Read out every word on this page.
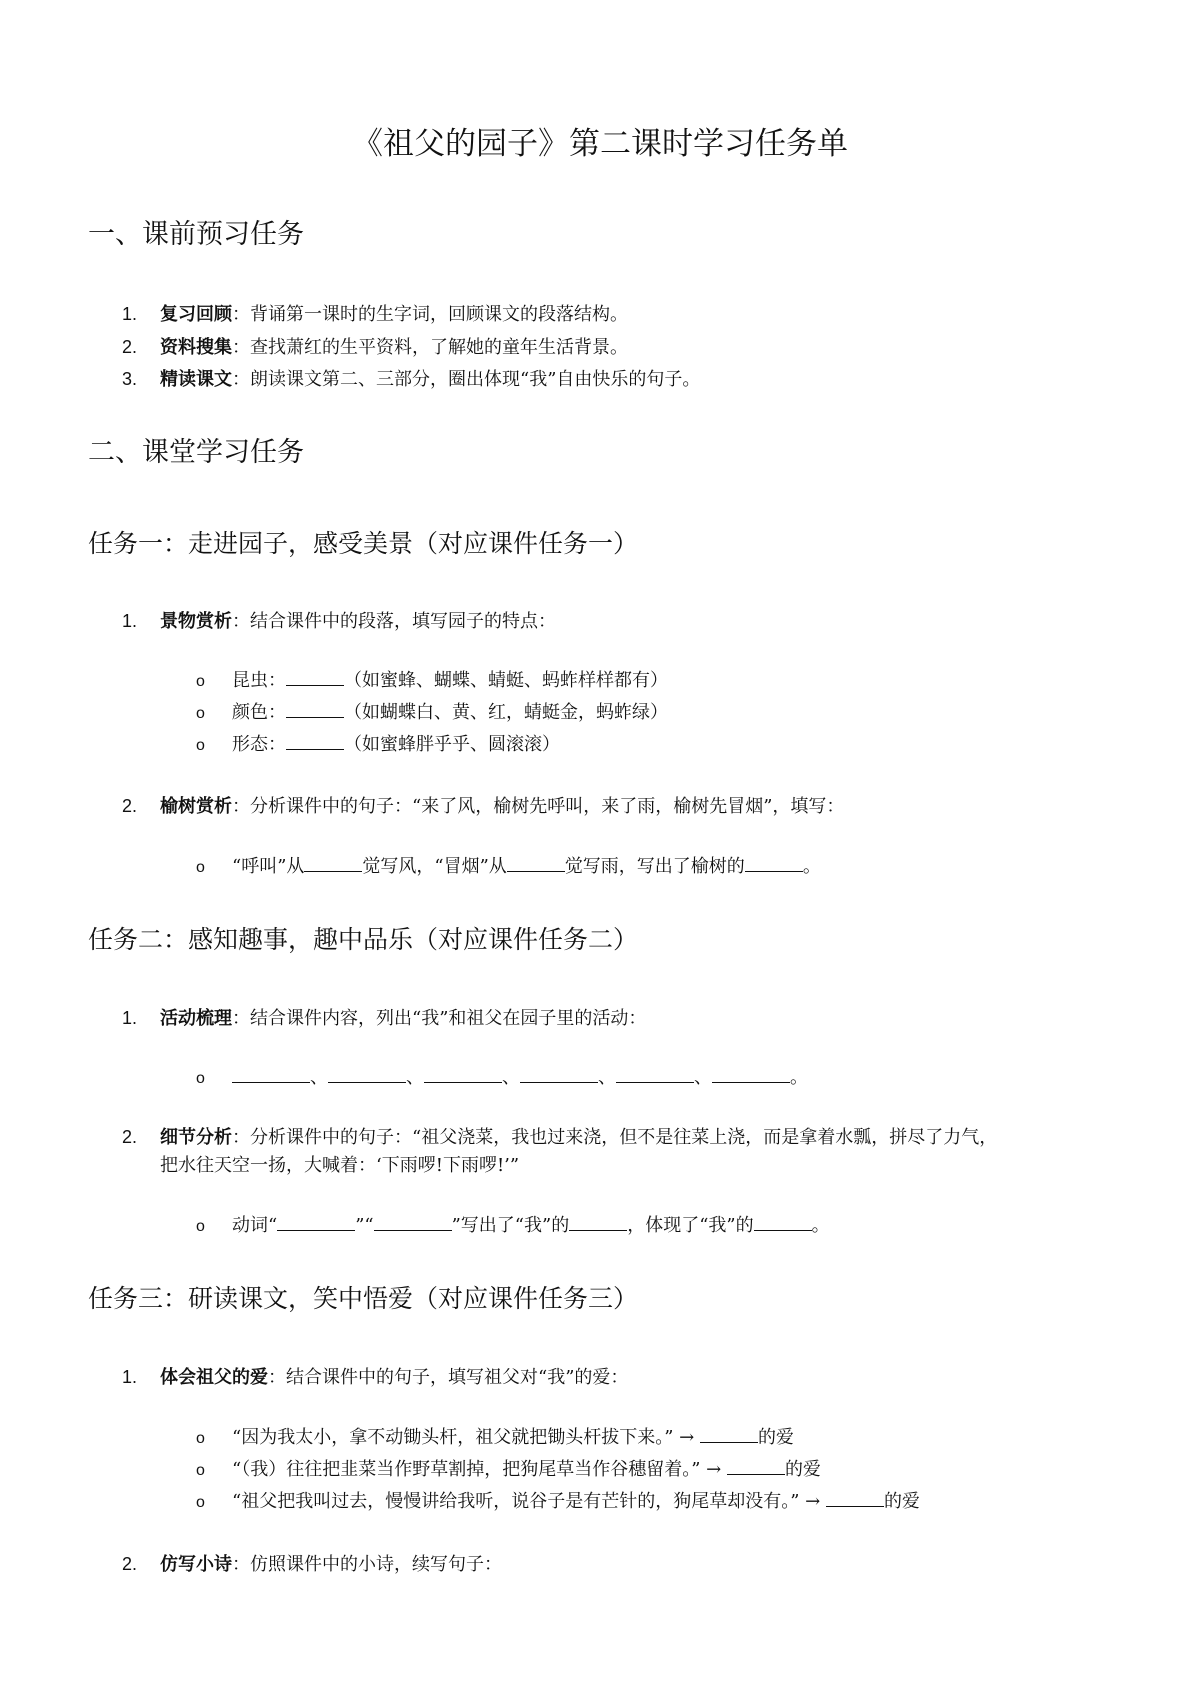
《祖父的园子》第二课时学习任务单
一、课前预习任务
1. 复习回顾：背诵第一课时的生字词，回顾课文的段落结构。
2. 资料搜集：查找萧红的生平资料，了解她的童年生活背景。
3. 精读课文：朗读课文第二、三部分，圈出体现“我”自由快乐的句子。
二、课堂学习任务
任务一：走进园子，感受美景（对应课件任务一）
1. 景物赏析：结合课件中的段落，填写园子的特点：
o 昆虫：	（如蜜蜂、蝴蝶、蜻蜓、蚂蚱样样都有）
o 颜色：	（如蝴蝶白、黄、红，蜻蜓金，蚂蚱绿）
o 形态：	（如蜜蜂胖乎乎、圆滚滚）
2. 榆树赏析：分析课件中的句子：“来了风，榆树先呼叫，来了雨，榆树先冒烟”，填写：
o “呼叫”从	觉写风，“冒烟”从	觉写雨，写出了榆树的	。
任务二：感知趣事，趣中品乐（对应课件任务二）
1. 活动梳理：结合课件内容，列出“我”和祖父在园子里的活动：
o	、	、	、	、	、	。
2. 细节分析：分析课件中的句子：“祖父浇菜，我也过来浇，但不是往菜上浇，而是拿着水瓢，拼尽了力气，
把水往天空一扬，大喊着：‘下雨啰!下雨啰!’”
o 动词“	”“	”写出了“我”的	，体现了“我”的	。
任务三：研读课文，笑中悟爱（对应课件任务三）
1. 体会祖父的爱：结合课件中的句子，填写祖父对“我”的爱：
o “因为我太小，拿不动锄头杆，祖父就把锄头杆拔下来。” →	的爱
o “（我）往往把韭菜当作野草割掉，把狗尾草当作谷穗留着。” →	的爱
o “祖父把我叫过去，慢慢讲给我听，说谷子是有芒针的，狗尾草却没有。” →	的爱
2. 仿写小诗：仿照课件中的小诗，续写句子：
